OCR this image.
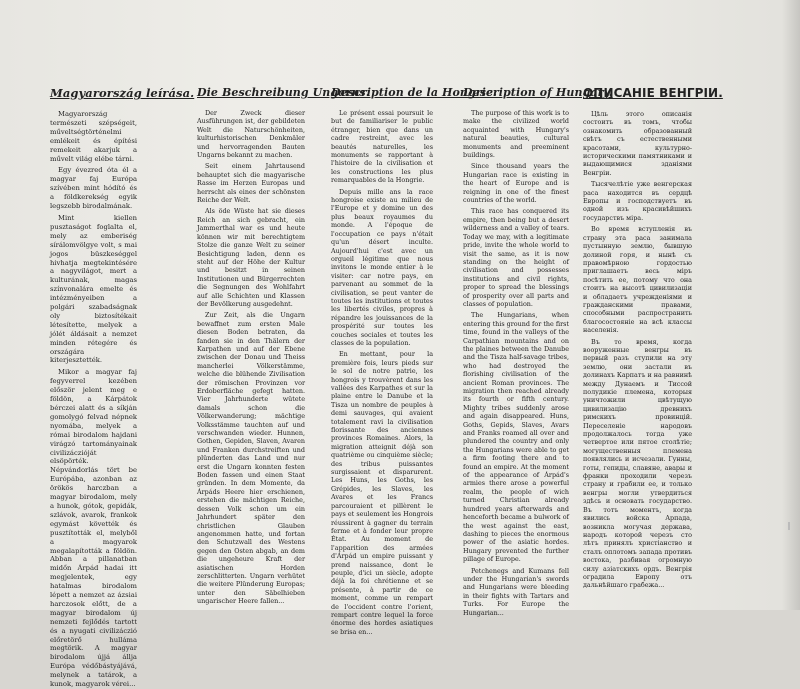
Magyarország leírása.

Magyarország természeti szépségeit, műveltségtörténelmi emlékeit és építési remekeit akarjuk a művelt világ elébe tárni.

Egy évezred óta él a magyar faj Európa szívében mint hódító és a földkerekség egyik legszebb birodalmának.

Mint kiellen pusztaságot foglalta el, mely az emberiség sírálomvölgye volt, s mai jogos büszkeséggel hivhatja megtekintésére a nagyvilágot, mert a kulturának, magas színvonalára emelte és intézményeiben a polgári szabadságnak oly biztosítékait létesítette, melyek a jólét áldásait a nemzet minden rétegére és országára kiterjesztették.

Mikor a magyar faj fegyverrel kezében először jelent meg e földön, a Kárpátok bérczei alatt és a síkján gomolygó felvad népnek nyomába, melyek a római birodalom hajdani virágzó tartományainak civilizáczióját elsöpörték. Népvándorlás tört be Európába, azonban az örökös harczban a magyar birodalom, mely a hunok, gótok, gepidák, szlávok, avarok, frankok egymást követték és pusztították el, melyből a magyarok megalapították a földön. Abban a pillanatban midőn Árpád hadai itt megjelentek, egy hatalmas birodalom lépett a nemzet az ázsiai harczosok előtt, de a magyar birodalom új nemzeti fejlődés tartott és a nyugati civilizáczió előretörő hulláma megtörik. A magyar birodalom újjá állja Európa védőbástyájává, melynek a tatárok, a kunok, magyarok vérei...

Die Beschreibung Ungarns.

Der Zweck dieser Ausführungen ist, der gebildeten Welt die Naturschönheiten, kulturhistorischen Denkmäler und hervorragenden Bauten Ungarns bekannt zu machen.

Seit einem Jahrtausend behauptet sich die magyarische Rasse im Herzen Europas und herrscht als eines der schönsten Reiche der Welt.

Als öde Wüste hat sie dieses Reich an sich gebracht, ein Jammerthal war es und heute können wir mit berechtigtem Stolze die ganze Welt zu seiner Besichtigung laden, denn es steht auf der Höhe der Kultur und besitzt in seinen Institutionen und Bürgerrechten die Segnungen des Wohlfahrt auf alle Schichten und Klassen der Bevölkerung ausgedehnt.

Zur Zeit, als die Ungarn bewaffnet zum ersten Male diesen Boden betraten, da fanden sie in den Thälern der Karpathen und auf der Ebene zwischen der Donau und Theiss mancherlei Völkerstämme, welche die blühende Zivilisation der römischen Provinzen vor Erdoberfläche gefegt hatten. Vier Jahrhunderte wütete damals schon die Völkerwanderung; mächtige Volksstämme tauchten auf und verschwanden wieder. Hunnen, Gothen, Gepiden, Slaven, Avaren und Franken durchstreiften und plünderten das Land und nur erst die Ungarn konnten festen Boden fassen und einen Staat gründen. In dem Momente, da Árpáds Heere hier erschienen, erstehen die mächtigen Reiche, dessen Volk schon um ein Jahrhundert später den christlichen Glauben angenommen hatte, und fortan den Schutzwall des Westens gegen den Osten abgab, an dem die ungeheure Kraft der asiatischen Horden zerschlitterten. Ungarn verhütet die weitere Plünderung Europas; unter den Säbelhieben ungarischer Heere fallen...

Description de la Hongrie.

Le présent essai poursuit le but de familiariser le public étranger, bien que dans un cadre restreint, avec les beautés naturelles, les monuments se rapportant à l'histoire de la civilisation et les constructions les plus remarquables de la Hongrie.

Depuis mille ans la race hongroise existe au milieu de l'Europe et y domine un des plus beaux royaumes du monde. A l'époque de l'occupation ce pays n'était qu'un désert inculte. Aujourd'hui c'est avec un orgueil légitime que nous invitons le monde entier à le visiter: car notre pays, en parvenant au sommet de la civilisation, se peut vanter de toutes les institutions et toutes les libertés civiles, propres à répandre les jouissances de la prospérité sur toutes les couches sociales et toutes les classes de la population.

En mettant, pour la première fois, leurs pieds sur le sol de notre patrie, les hongrois y trouvèrent dans les vallées des Karpathes et sur la plaine entre le Danube et la Tisza un nombre de peuples à demi sauvages, qui avaient totalement ravi la civilisation florissante des anciennes provinces Romaines. Alors, la migration atteignit déjà son quatrième ou cinquième siècle; des tribus puissantes surgissaient et disparurent. Les Huns, les Goths, les Grépides, les Slaves, les Avares et les Francs parcouraient et pillèrent le pays et seulement les Hongrois réussirent à gagner du terrain ferme et à fonder leur propre État. Au moment de l'apparition des armées d'Árpád un empire puissant y prend naissance, dont le peuple, d'ici un siècle, adopte déjà la foi chrétienne et se présente, à partir de ce moment, comme un rempart de l'occident contre l'orient, rempart contre lequel la force énorme des hordes asiatiques se brisa en...

Description of Hungary.

The purpose of this work is to make the civilized world acquainted with Hungary's natural beauties, cultural monuments and preeminent buildings.

Since thousand years the Hungarian race is existing in the heart of Europe and is reigning in one of the finest countries of the world.

This race has conquered its empire, then being but a desert wilderness and a valley of tears. Today we may, with a legitimate pride, invite the whole world to visit the same, as it is now standing on the height of civilisation and possesses institutions and civil rights, proper to spread the blessings of prosperity over all parts and classes of population.

The Hungarians, when entering this ground for the first time, found in the valleys of the Carpathian mountains and on the plaines between the Danube and the Tisza half-savage tribes, who had destroyed the florishing civilisation of the ancient Roman provinces. The migration then reached already its fourth or fifth century. Mighty tribes suddenly arose and again disappeared. Huns, Goths, Gepids, Slaves, Avars and Franks roamed all over and plundered the country and only the Hungarians were able to get a firm footing there and to found an empire. At the moment of the appearance of Árpád's armies there arose a powerful realm, the people of wich turned Christian already hundred years afterwards and henceforth became a bulwork of the west against the east, dashing to pieces the enormous power of the asiatic hordes. Hungary prevented the further pillage of Europe.

Petchenegs and Kumans fell under the Hungarian's swords and Hungarians were bleeding in their fights with Tartars and Turks. For Europe the Hungarian...

ОПИСАНІЕ ВЕНГРІИ.

Цѣль этого описанія состоитъ въ томъ, чтобы ознакомить образованный свѣтъ съ естественными красотами, культурно-историческими памятниками и выдающимися зданіями Венгріи.

Тысячелѣтіе уже венгерская раса находится въ сердцѣ Европы и господствуетъ въ одной изъ красивѣйшихъ государствъ міра.

Во время вступленія въ страну эта раса занимала пустынную землю, бывшую долиной горя, и нынѣ съ правомѣрною гордостью приглашаетъ весь міръ посѣтить ее, потому что она стоитъ на высотѣ цивилизаціи и обладаетъ учрежденіями и гражданскими правами, способными распространить благосостояніе на всѣ классы населенія.

Въ то время, когда вооруженные венгры въ первый разъ ступили на эту землю, они застали въ долинахъ Карпатъ и на равнинѣ между Дунаемъ и Тиссой полудикіе племена, которыя уничтожили цвѣтущую цивилизацію древнихъ римскихъ провинцій. Переселеніе народовъ продолжалось тогда уже четвертое или пятое столѣтіе; могущественныя племена появлялись и исчезали. Гунны, готы, гепиды, славяне, авары и франки проходили черезъ страну и грабили ее, и только венгры могли утвердиться здѣсь и основать государство. Въ тотъ моментъ, когда явились войска Арпада, возникла могучая держава, народъ которой черезъ сто лѣтъ принялъ христіанство и сталъ оплотомъ запада противъ востока, разбивая огромную силу азіатскихъ ордъ. Венгрія оградила Европу отъ дальнѣйшаго грабежа...
